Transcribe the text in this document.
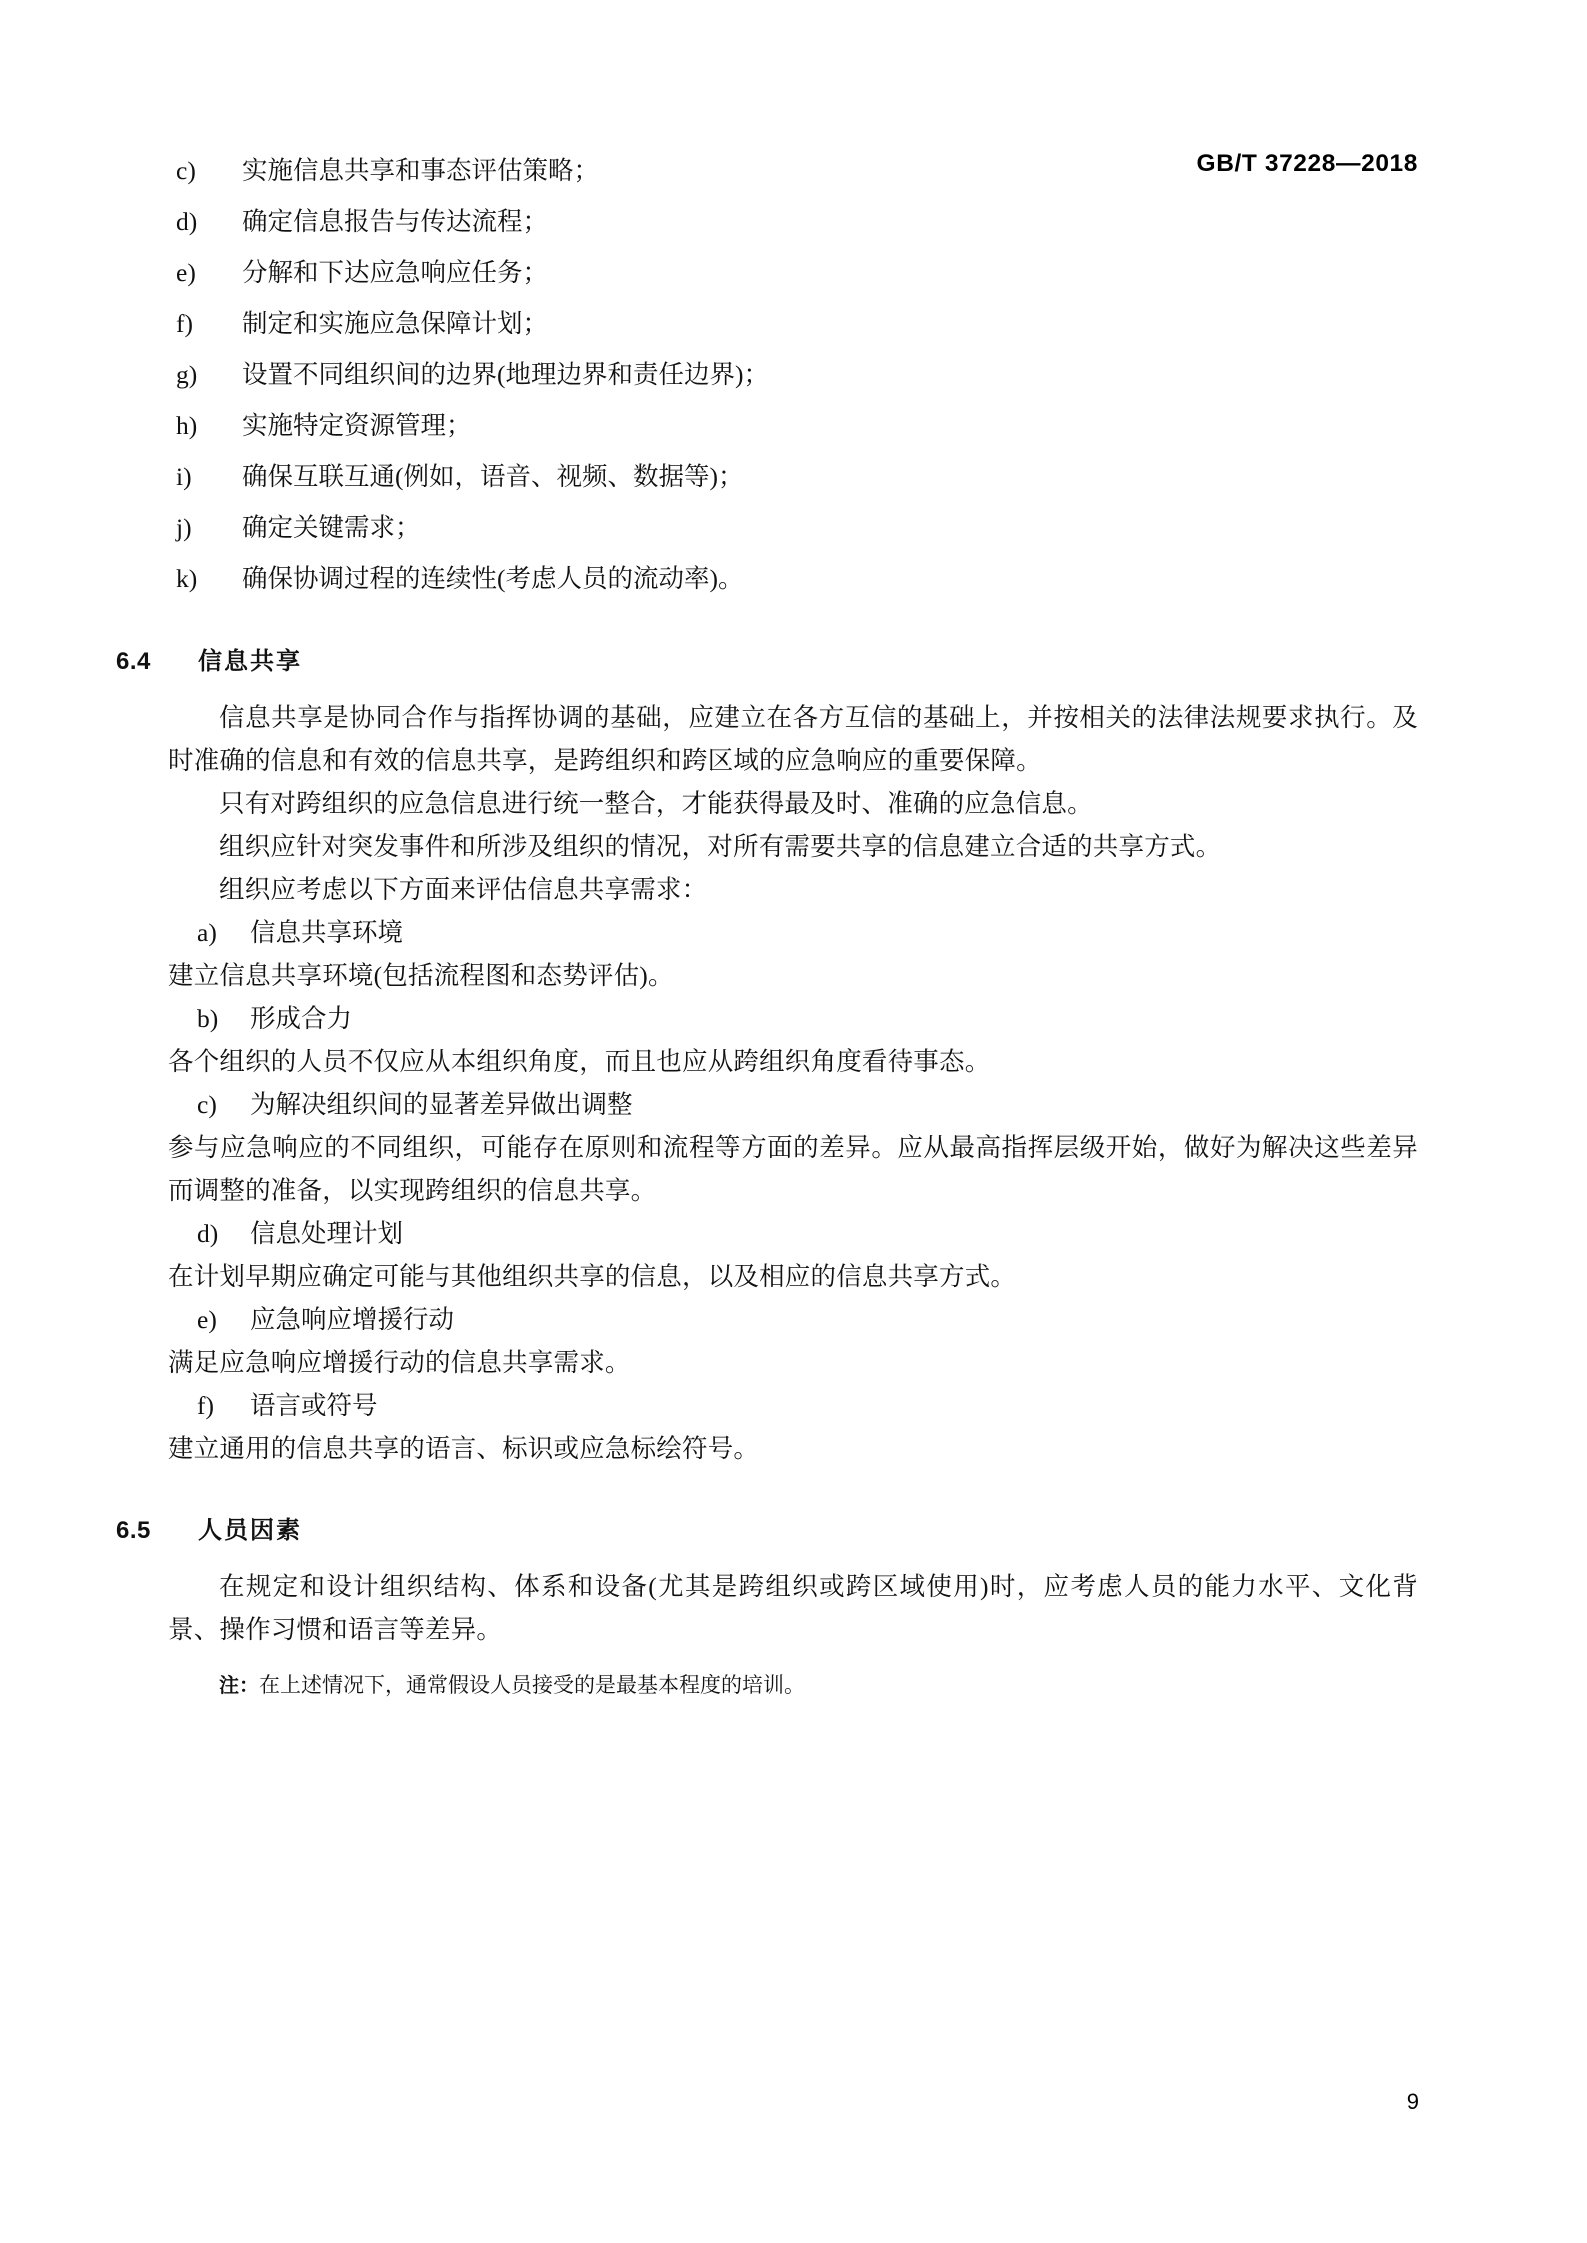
GB/T 37228—2018
c)	实施信息共享和事态评估策略；
d)	确定信息报告与传达流程；
e)	分解和下达应急响应任务；
f)	制定和实施应急保障计划；
g)	设置不同组织间的边界(地理边界和责任边界)；
h)	实施特定资源管理；
i)	确保互联互通(例如，语音、视频、数据等)；
j)	确定关键需求；
k)	确保协调过程的连续性(考虑人员的流动率)。
6.4	信息共享

信息共享是协同合作与指挥协调的基础，应建立在各方互信的基础上，并按相关的法律法规要求执行。及时准确的信息和有效的信息共享，是跨组织和跨区域的应急响应的重要保障。

只有对跨组织的应急信息进行统一整合，才能获得最及时、准确的应急信息。

组织应针对突发事件和所涉及组织的情况，对所有需要共享的信息建立合适的共享方式。

组织应考虑以下方面来评估信息共享需求：

a)	信息共享环境

建立信息共享环境(包括流程图和态势评估)。

b)	形成合力

各个组织的人员不仅应从本组织角度，而且也应从跨组织角度看待事态。

c)	为解决组织间的显著差异做出调整

参与应急响应的不同组织，可能存在原则和流程等方面的差异。应从最高指挥层级开始，做好为解决这些差异而调整的准备，以实现跨组织的信息共享。

d)	信息处理计划

在计划早期应确定可能与其他组织共享的信息，以及相应的信息共享方式。

e)	应急响应增援行动

满足应急响应增援行动的信息共享需求。

f)	语言或符号

建立通用的信息共享的语言、标识或应急标绘符号。

6.5	人员因素

在规定和设计组织结构、体系和设备(尤其是跨组织或跨区域使用)时，应考虑人员的能力水平、文化背景、操作习惯和语言等差异。

注：在上述情况下，通常假设人员接受的是最基本程度的培训。

9
